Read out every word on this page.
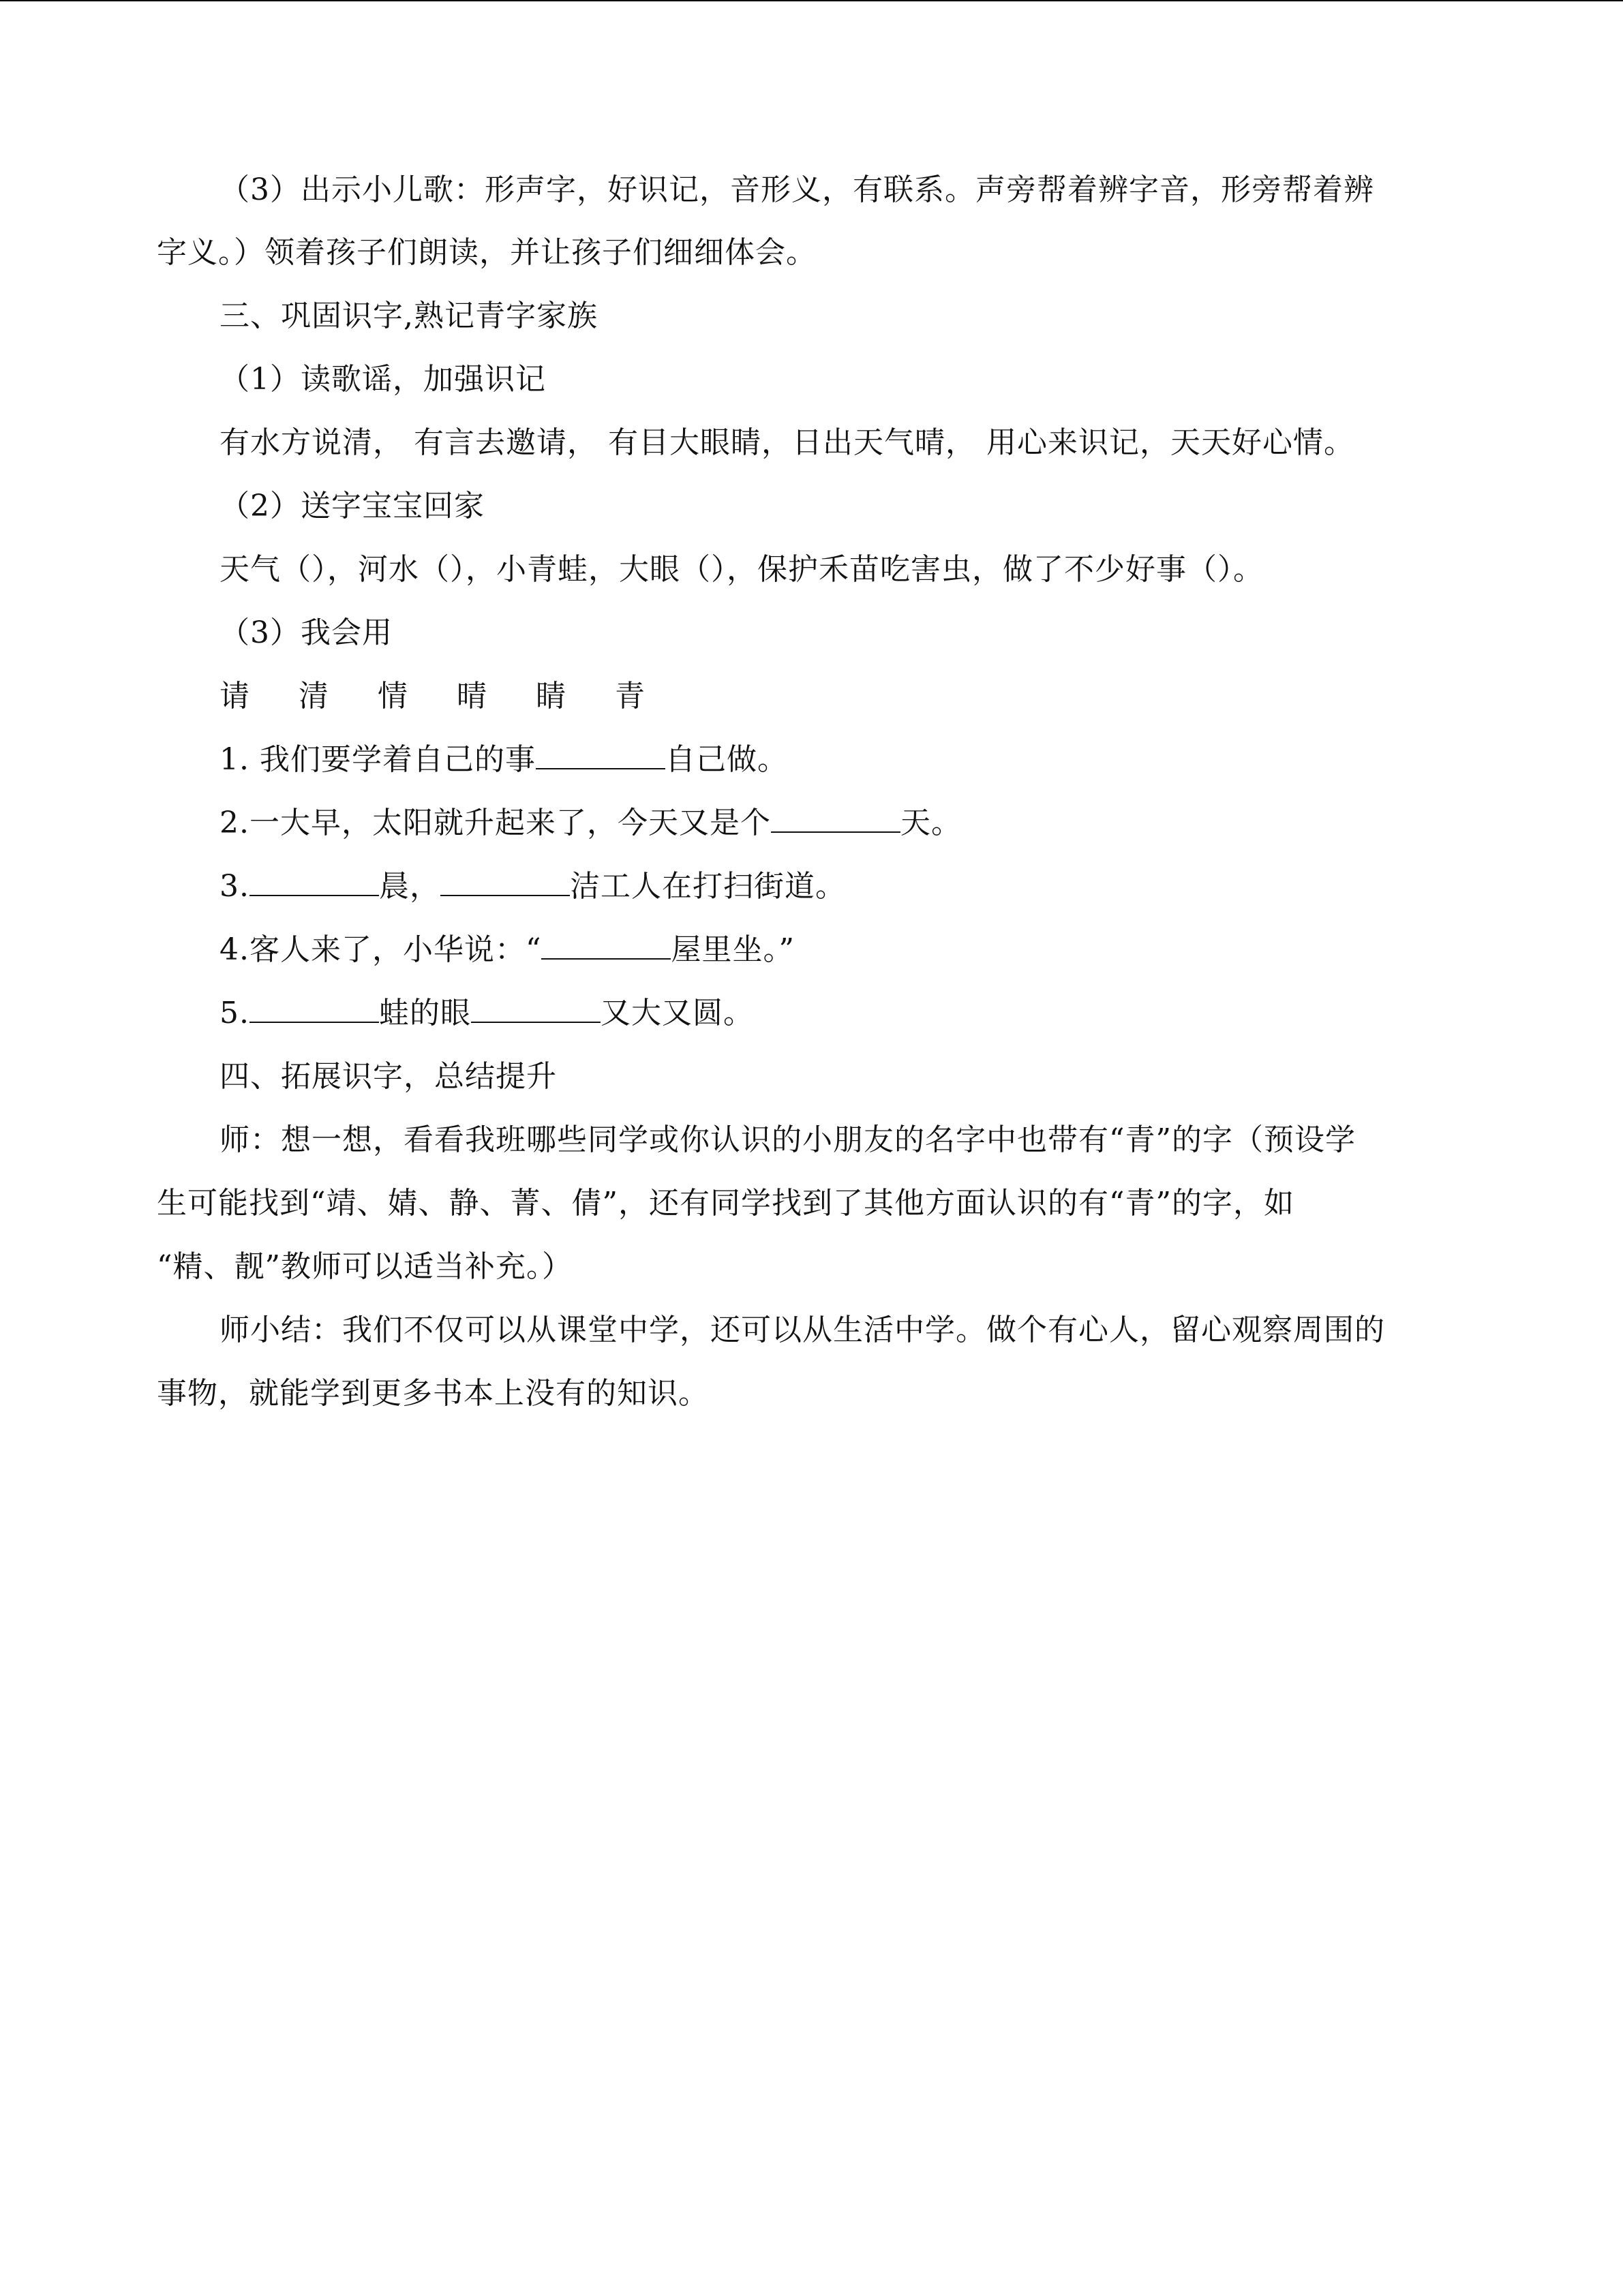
（3）出示小儿歌：形声字，好识记，音形义，有联系。声旁帮着辨字音，形旁帮着辨
字义。）领着孩子们朗读，并让孩子们细细体会。
三、巩固识字,熟记青字家族
（1）读歌谣，加强识记
有水方说清， 有言去邀请， 有目大眼睛，日出天气晴， 用心来识记，天天好心情。
（2）送字宝宝回家
天气（），河水（），小青蛙，大眼（），保护禾苗吃害虫，做了不少好事（）。
（3）我会用
请 清 情 晴 睛 青
1. 我们要学着自己的事	自己做。
2.一大早，太阳就升起来了，今天又是个	天。
3.	晨，	洁工人在打扫街道。
4.客人来了，小华说：“	屋里坐。”
5.	蛙的眼	又大又圆。
四、拓展识字，总结提升
师：想一想，看看我班哪些同学或你认识的小朋友的名字中也带有“青”的字（预设学
生可能找到“靖、婧、静、菁、倩”，还有同学找到了其他方面认识的有“青”的字，如
“精、靓”教师可以适当补充。）
师小结：我们不仅可以从课堂中学，还可以从生活中学。做个有心人，留心观察周围的
事物，就能学到更多书本上没有的知识。
